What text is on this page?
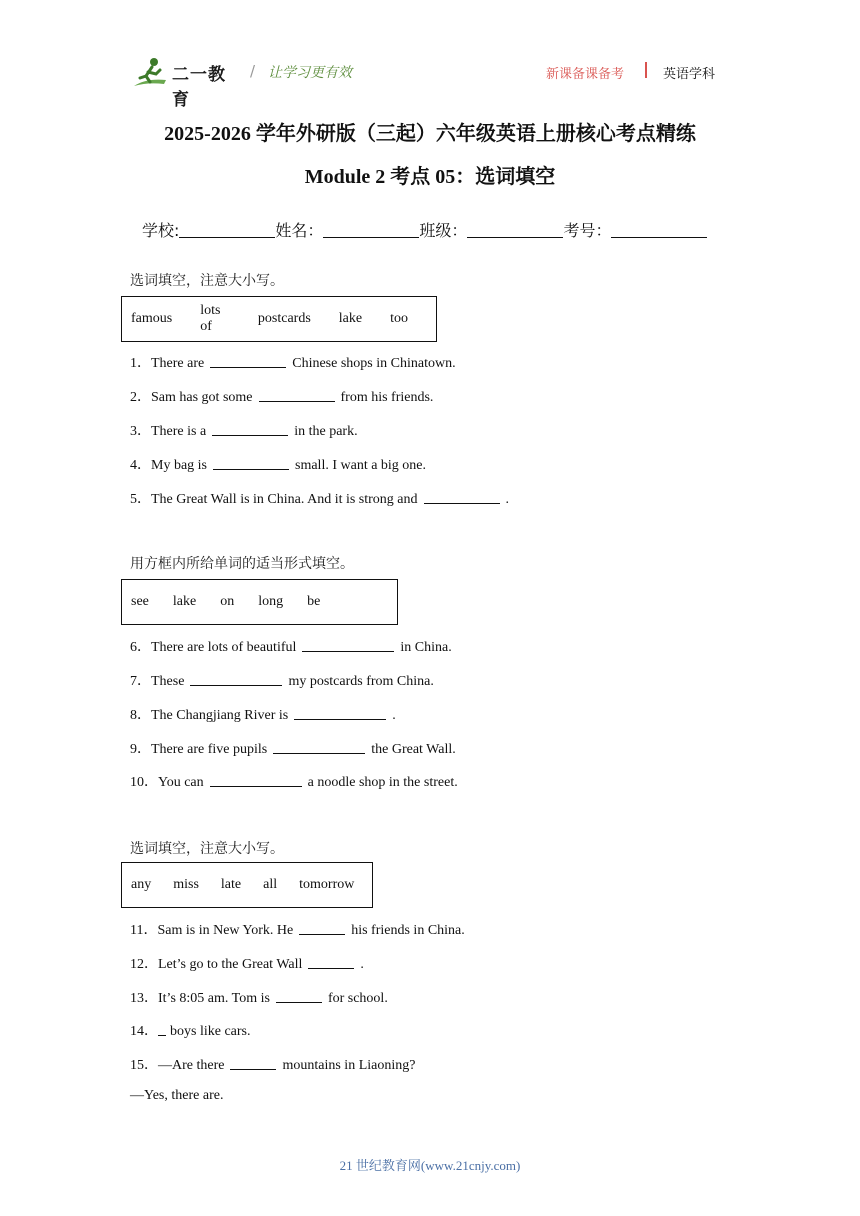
二一教育
/ 让学习更有效	新课备课备考	英语学科
2025-2026 学年外研版（三起）六年级英语上册核心考点精练
Module 2 考点 05：选词填空
学校:	姓名：	班级：	考号：
选词填空，注意大小写。
famous
lots of
postcards lake too
1．There are	Chinese shops in Chinatown.
2．Sam has got some	from his friends.
3．There is a	in the park.
4．My bag is	small. I want a big one.
5．The Great Wall is in China. And it is strong and	.
用方框内所给单词的适当形式填空。
see lake on long be
6．There are lots of beautiful	in China.
7．These	my postcards from China.
8．The Changjiang River is	.
9．There are five pupils	the Great Wall.
10．You can	a noodle shop in the street.
选词填空，注意大小写。
any miss late all tomorrow
11．Sam is in New York. He	his friends in China.
12．Let’s go to the Great Wall	.
13．It’s 8:05 am. Tom is	for school.
14． boys like cars.
15．—Are there	mountains in Liaoning?
—Yes, there are.
21 世纪教育网(www.21cnjy.com)
